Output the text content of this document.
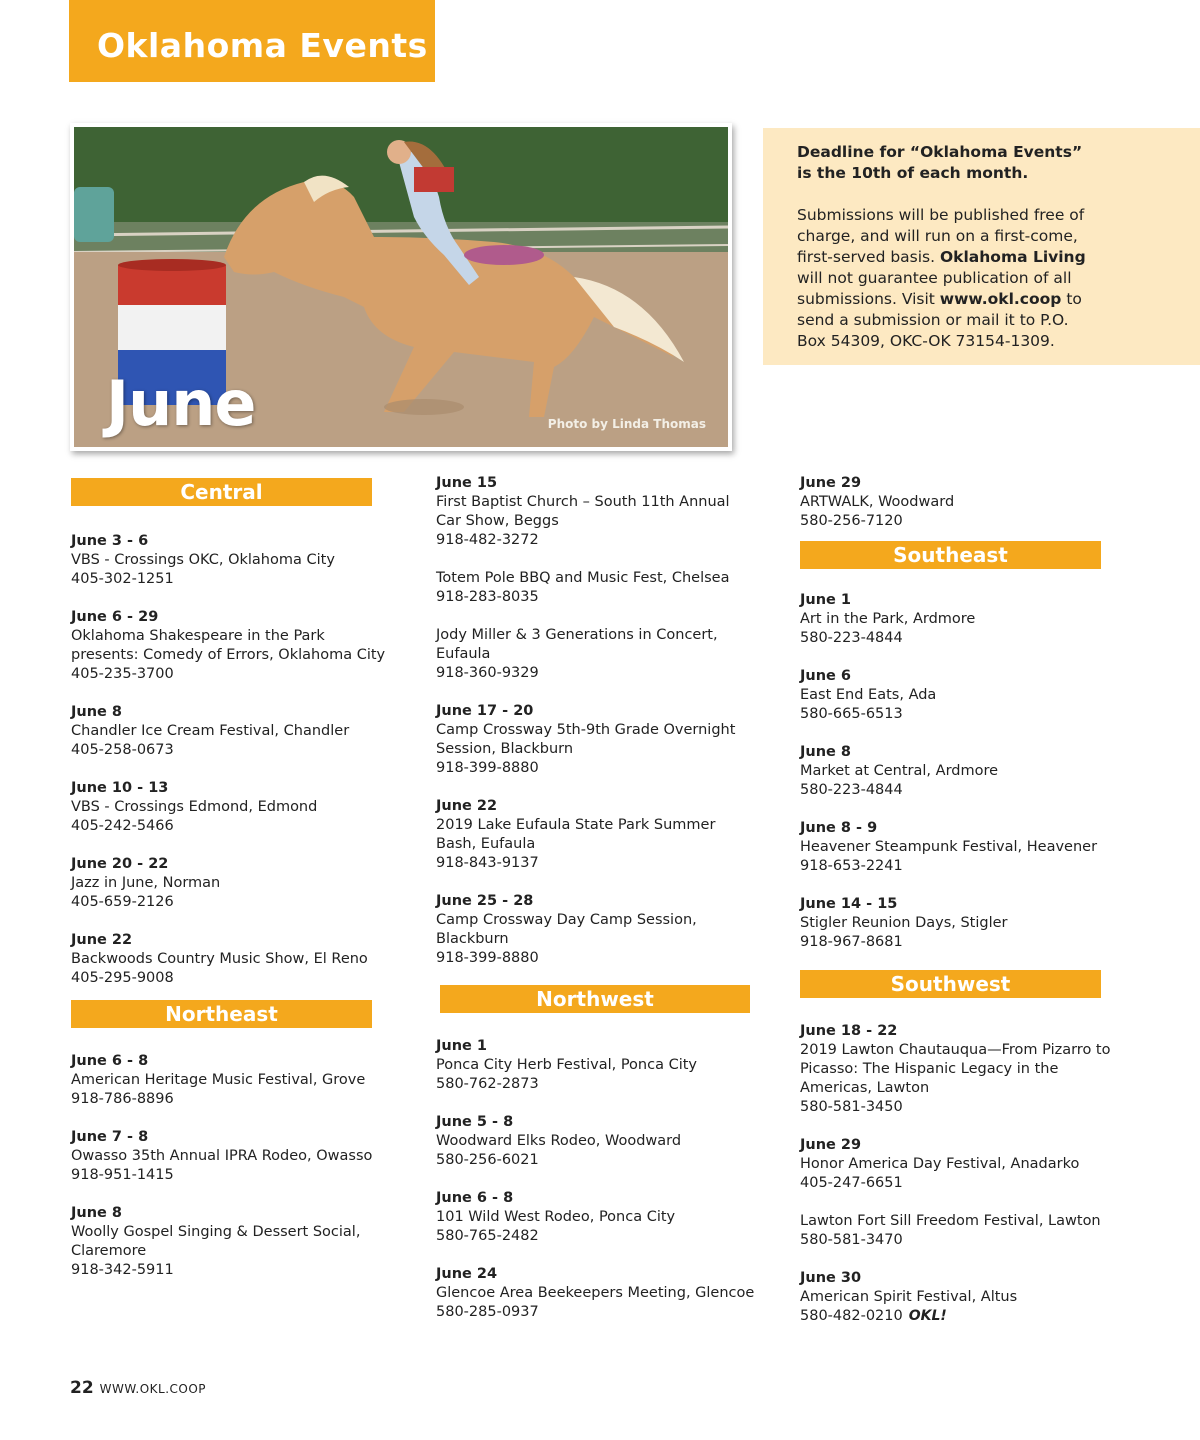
Oklahoma Events
June	Photo by Linda Thomas
Deadline for “Oklahoma Events” is the 10th of each month.
Submissions will be published free of charge, and will run on a first-come, first-served basis. Oklahoma Living will not guarantee publication of all submissions. Visit www.okl.coop to send a submission or mail it to P.O. Box 54309, OKC-OK 73154-1309.
Central
June 3 - 6
VBS - Crossings OKC, Oklahoma City
405-302-1251
June 6 - 29
Oklahoma Shakespeare in the Park presents: Comedy of Errors, Oklahoma City
405-235-3700
June 8
Chandler Ice Cream Festival, Chandler
405-258-0673
June 10 - 13
VBS - Crossings Edmond, Edmond
405-242-5466
June 20 - 22
Jazz in June, Norman
405-659-2126
June 22
Backwoods Country Music Show, El Reno
405-295-9008
Northeast
June 6 - 8
American Heritage Music Festival, Grove
918-786-8896
June 7 - 8
Owasso 35th Annual IPRA Rodeo, Owasso
918-951-1415
June 8
Woolly Gospel Singing & Dessert Social, Claremore
918-342-5911
June 15
First Baptist Church – South 11th Annual Car Show, Beggs
918-482-3272
Totem Pole BBQ and Music Fest, Chelsea
918-283-8035
Jody Miller & 3 Generations in Concert, Eufaula
918-360-9329
June 17 - 20
Camp Crossway 5th-9th Grade Overnight Session, Blackburn
918-399-8880
June 22
2019 Lake Eufaula State Park Summer Bash, Eufaula
918-843-9137
June 25 - 28
Camp Crossway Day Camp Session, Blackburn
918-399-8880
Northwest
June 1
Ponca City Herb Festival, Ponca City
580-762-2873
June 5 - 8
Woodward Elks Rodeo, Woodward
580-256-6021
June 6 - 8
101 Wild West Rodeo, Ponca City
580-765-2482
June 24
Glencoe Area Beekeepers Meeting, Glencoe
580-285-0937
June 29
ARTWALK, Woodward
580-256-7120
Southeast
June 1
Art in the Park, Ardmore
580-223-4844
June 6
East End Eats, Ada
580-665-6513
June 8
Market at Central, Ardmore
580-223-4844
June 8 - 9
Heavener Steampunk Festival, Heavener
918-653-2241
June 14 - 15
Stigler Reunion Days, Stigler
918-967-8681
Southwest
June 18 - 22
2019 Lawton Chautauqua—From Pizarro to Picasso: The Hispanic Legacy in the Americas, Lawton
580-581-3450
June 29
Honor America Day Festival, Anadarko
405-247-6651
Lawton Fort Sill Freedom Festival, Lawton
580-581-3470
June 30
American Spirit Festival, Altus
580-482-0210 OKL!
22 WWW.OKL.COOP
